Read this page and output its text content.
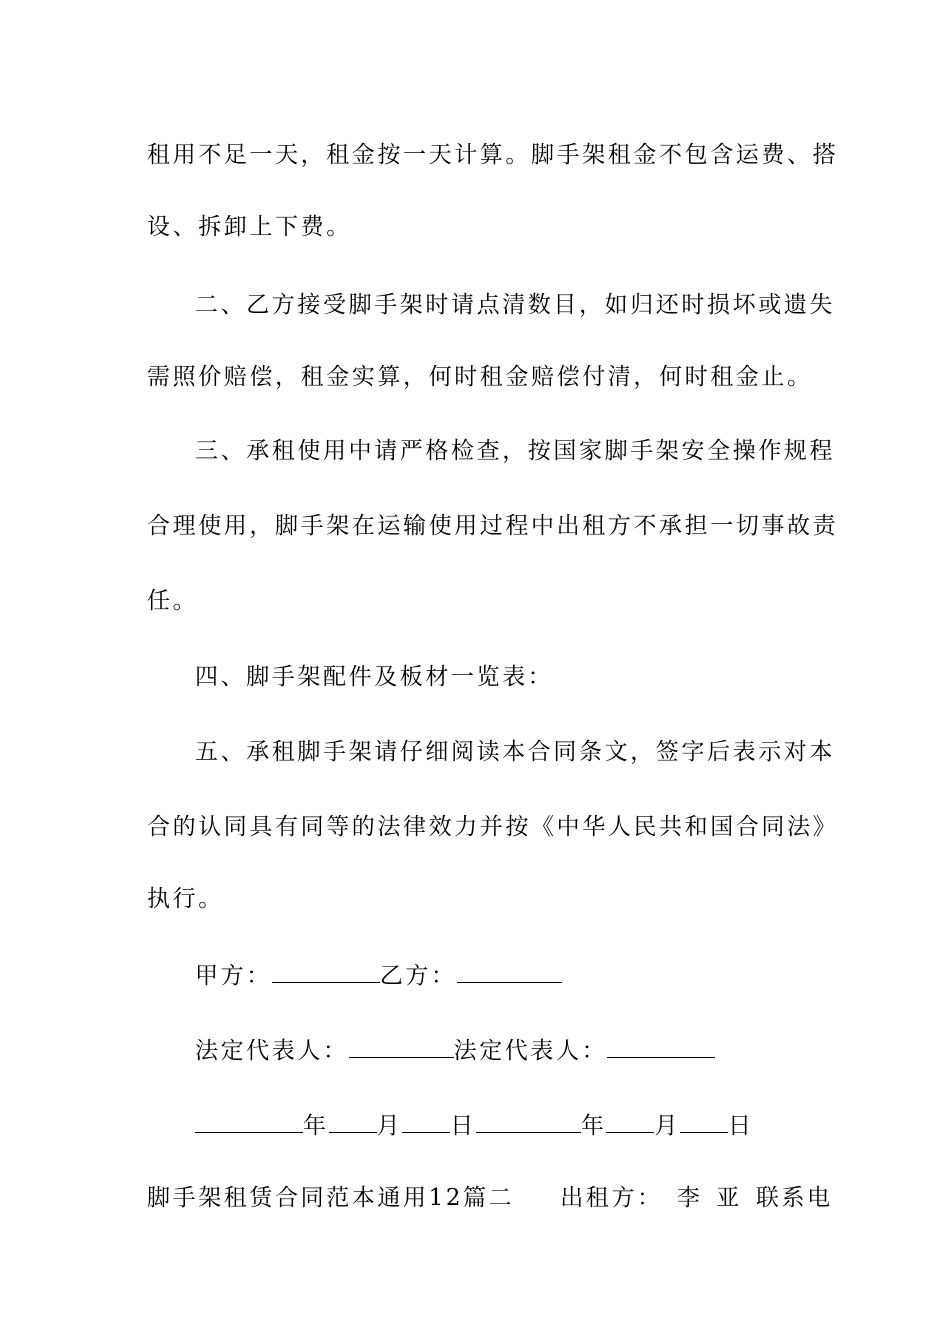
租用不足一天，租金按一天计算。脚手架租金不包含运费、搭
设、拆卸上下费。
二、乙方接受脚手架时请点清数目，如归还时损坏或遗失
需照价赔偿，租金实算，何时租金赔偿付清，何时租金止。
三、承租使用中请严格检查，按国家脚手架安全操作规程
合理使用，脚手架在运输使用过程中出租方不承担一切事故责
任。
四、脚手架配件及板材一览表：
五、承租脚手架请仔细阅读本合同条文，签字后表示对本
合的认同具有同等的法律效力并按《中华人民共和国合同法》
执行。
甲方：	乙方：
法定代表人：	法定代表人：
年 月 日	年 月 日
脚手架租赁合同范本通用12篇二 出租方： 李 亚 联系电
